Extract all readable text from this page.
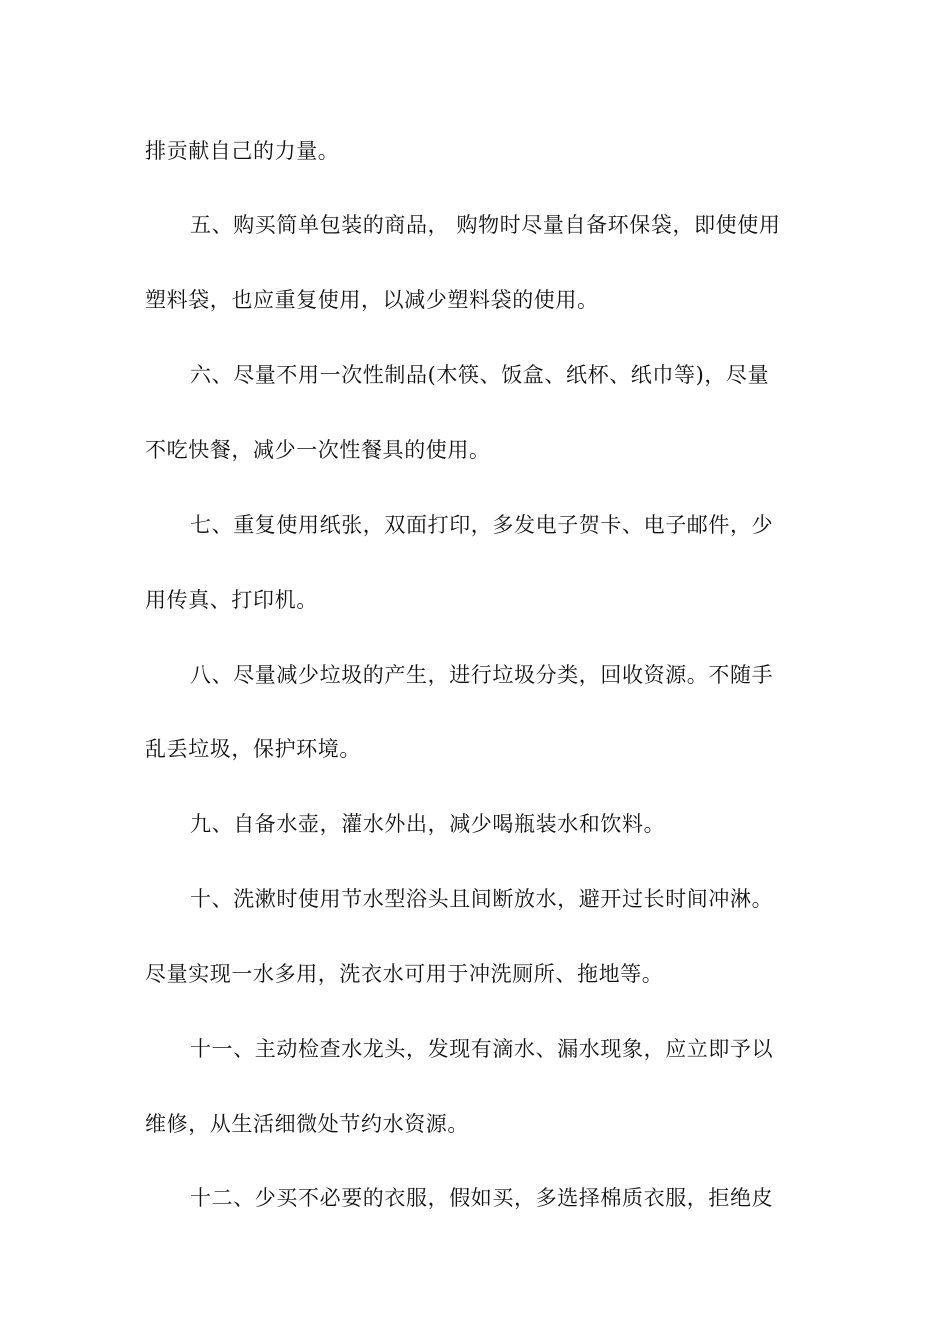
排贡献自己的力量。
五、购买简单包装的商品， 购物时尽量自备环保袋，即使使用
塑料袋，也应重复使用，以减少塑料袋的使用。
六、尽量不用一次性制品(木筷、饭盒、纸杯、纸巾等)，尽量
不吃快餐，减少一次性餐具的使用。
七、重复使用纸张，双面打印，多发电子贺卡、电子邮件，少
用传真、打印机。
八、尽量减少垃圾的产生，进行垃圾分类，回收资源。不随手
乱丢垃圾，保护环境。
九、自备水壶，灌水外出，减少喝瓶装水和饮料。
十、洗漱时使用节水型浴头且间断放水，避开过长时间冲淋。
尽量实现一水多用，洗衣水可用于冲洗厕所、拖地等。
十一、主动检查水龙头，发现有滴水、漏水现象，应立即予以
维修，从生活细微处节约水资源。
十二、少买不必要的衣服，假如买，多选择棉质衣服，拒绝皮
